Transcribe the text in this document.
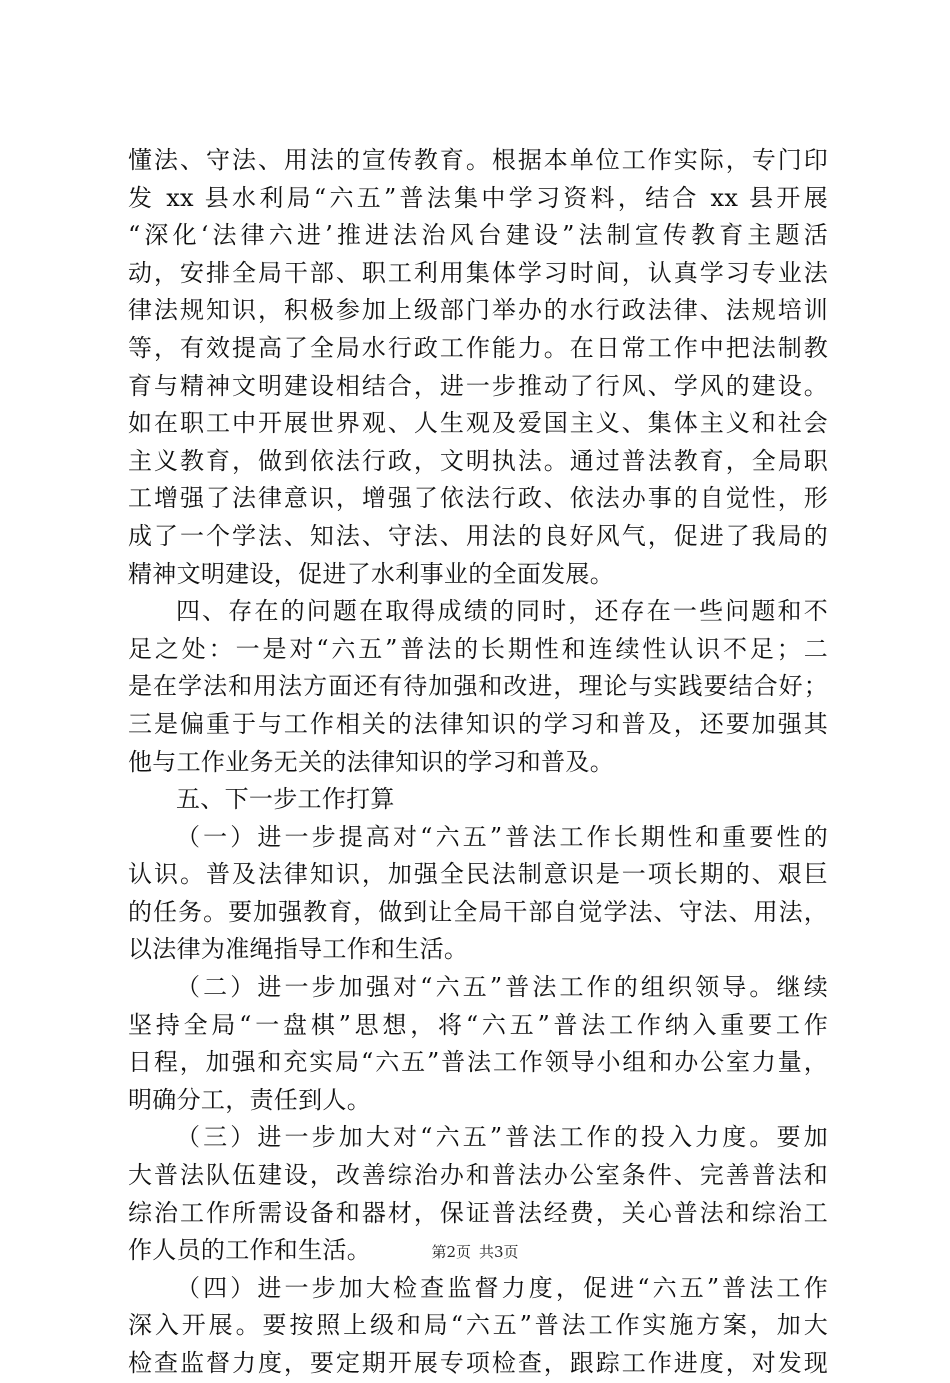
懂法、守法、用法的宣传教育。根据本单位工作实际，专门印
发 xx 县水利局“六五”普法集中学习资料，结合 xx 县开展
“深化‘法律六进’推进法治风台建设”法制宣传教育主题活
动，安排全局干部、职工利用集体学习时间，认真学习专业法
律法规知识，积极参加上级部门举办的水行政法律、法规培训
等，有效提高了全局水行政工作能力。在日常工作中把法制教
育与精神文明建设相结合，进一步推动了行风、学风的建设。
如在职工中开展世界观、人生观及爱国主义、集体主义和社会
主义教育，做到依法行政，文明执法。通过普法教育，全局职
工增强了法律意识，增强了依法行政、依法办事的自觉性，形
成了一个学法、知法、守法、用法的良好风气，促进了我局的
精神文明建设，促进了水利事业的全面发展。
四、存在的问题在取得成绩的同时，还存在一些问题和不
足之处：一是对“六五”普法的长期性和连续性认识不足；二
是在学法和用法方面还有待加强和改进，理论与实践要结合好；
三是偏重于与工作相关的法律知识的学习和普及，还要加强其
他与工作业务无关的法律知识的学习和普及。
五、下一步工作打算
（一）进一步提高对“六五”普法工作长期性和重要性的
认识。普及法律知识，加强全民法制意识是一项长期的、艰巨
的任务。要加强教育，做到让全局干部自觉学法、守法、用法，
以法律为准绳指导工作和生活。
（二）进一步加强对“六五”普法工作的组织领导。继续
坚持全局“一盘棋”思想，将“六五”普法工作纳入重要工作
日程，加强和充实局“六五”普法工作领导小组和办公室力量，
明确分工，责任到人。
（三）进一步加大对“六五”普法工作的投入力度。要加
大普法队伍建设，改善综治办和普法办公室条件、完善普法和
综治工作所需设备和器材，保证普法经费，关心普法和综治工
作人员的工作和生活。
（四）进一步加大检查监督力度，促进“六五”普法工作
深入开展。要按照上级和局“六五”普法工作实施方案，加大
检查监督力度，要定期开展专项检查，跟踪工作进度，对发现
第2页 共3页
